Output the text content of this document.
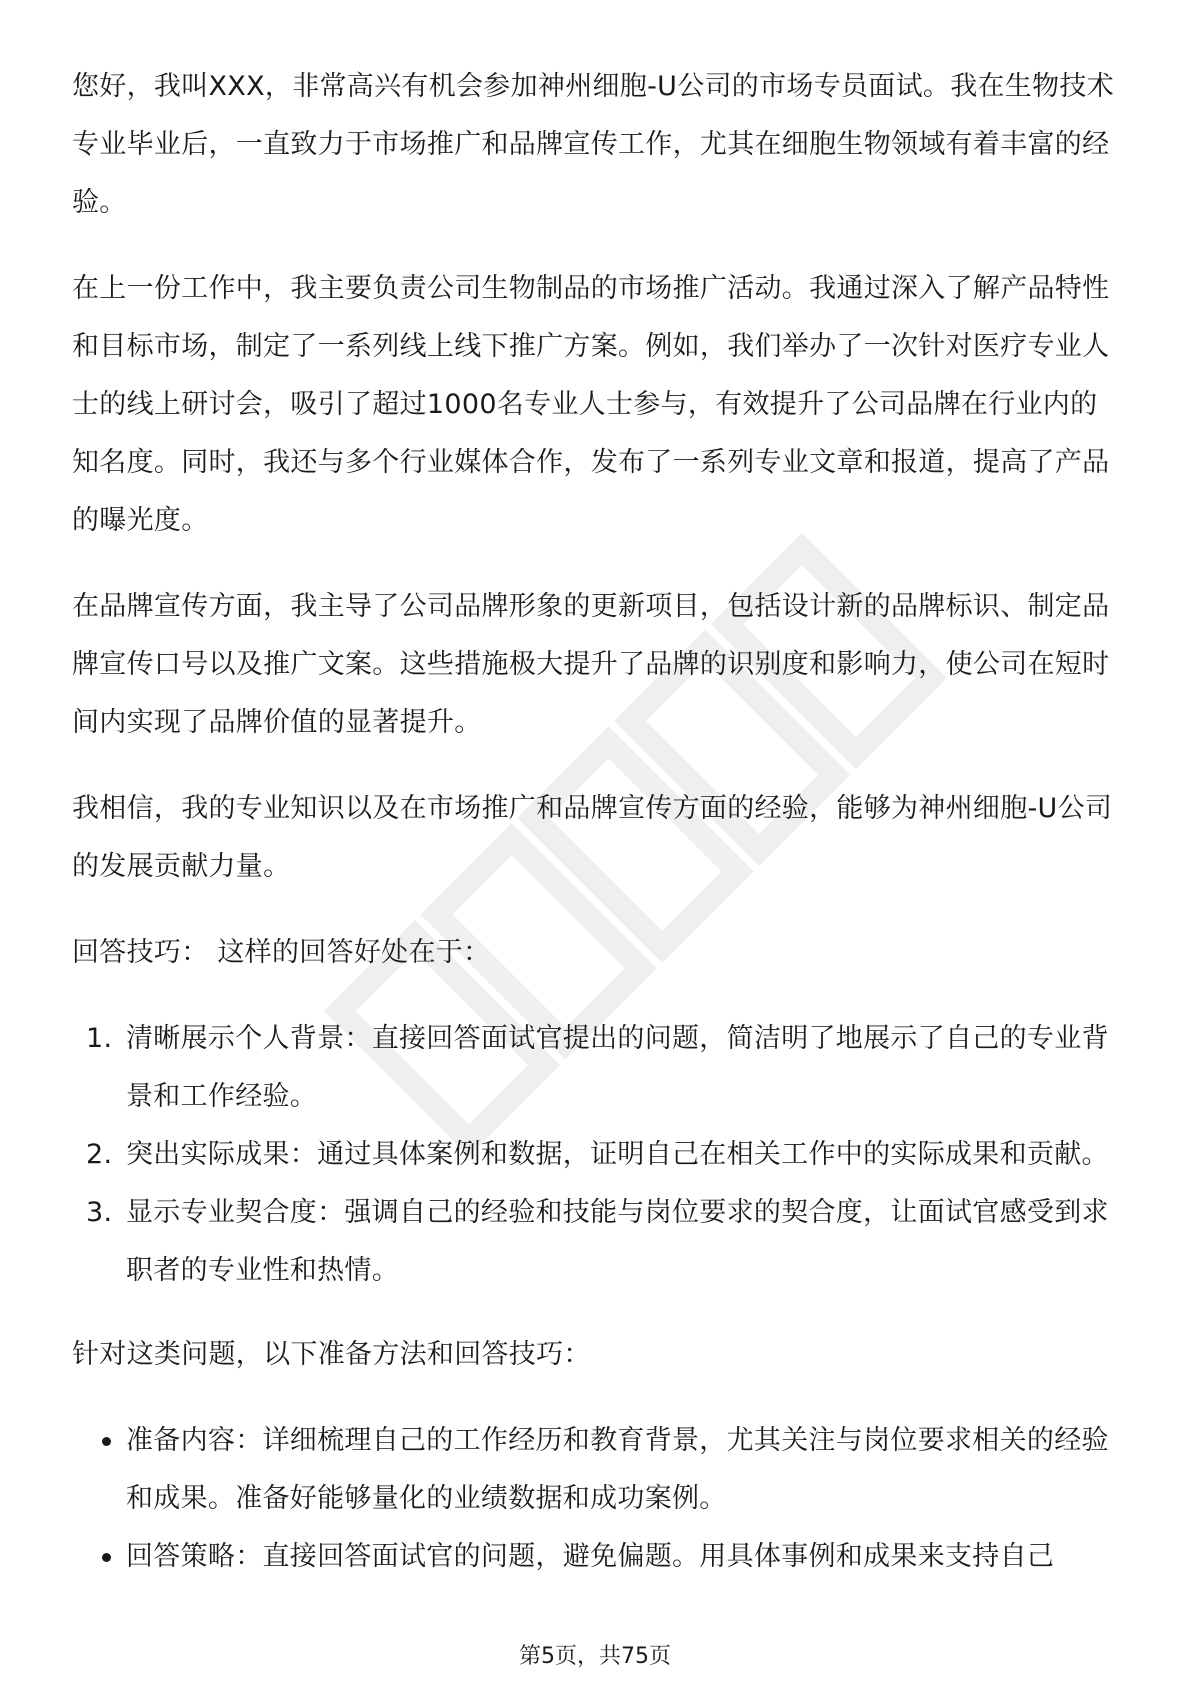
您好，我叫XXX，非常高兴有机会参加神州细胞-U公司的市场专员面试。我在生物技术专业毕业后，一直致力于市场推广和品牌宣传工作，尤其在细胞生物领域有着丰富的经验。

在上一份工作中，我主要负责公司生物制品的市场推广活动。我通过深入了解产品特性和目标市场，制定了一系列线上线下推广方案。例如，我们举办了一次针对医疗专业人士的线上研讨会，吸引了超过1000名专业人士参与，有效提升了公司品牌在行业内的知名度。同时，我还与多个行业媒体合作，发布了一系列专业文章和报道，提高了产品的曝光度。

在品牌宣传方面，我主导了公司品牌形象的更新项目，包括设计新的品牌标识、制定品牌宣传口号以及推广文案。这些措施极大提升了品牌的识别度和影响力，使公司在短时间内实现了品牌价值的显著提升。

我相信，我的专业知识以及在市场推广和品牌宣传方面的经验，能够为神州细胞-U公司的发展贡献力量。

回答技巧： 这样的回答好处在于：

1. 清晰展示个人背景：直接回答面试官提出的问题，简洁明了地展示了自己的专业背景和工作经验。
2. 突出实际成果：通过具体案例和数据，证明自己在相关工作中的实际成果和贡献。
3. 显示专业契合度：强调自己的经验和技能与岗位要求的契合度，让面试官感受到求职者的专业性和热情。

针对这类问题，以下准备方法和回答技巧：

准备内容：详细梳理自己的工作经历和教育背景，尤其关注与岗位要求相关的经验和成果。准备好能够量化的业绩数据和成功案例。
回答策略：直接回答面试官的问题，避免偏题。用具体事例和成果来支持自己
第5页，共75页
